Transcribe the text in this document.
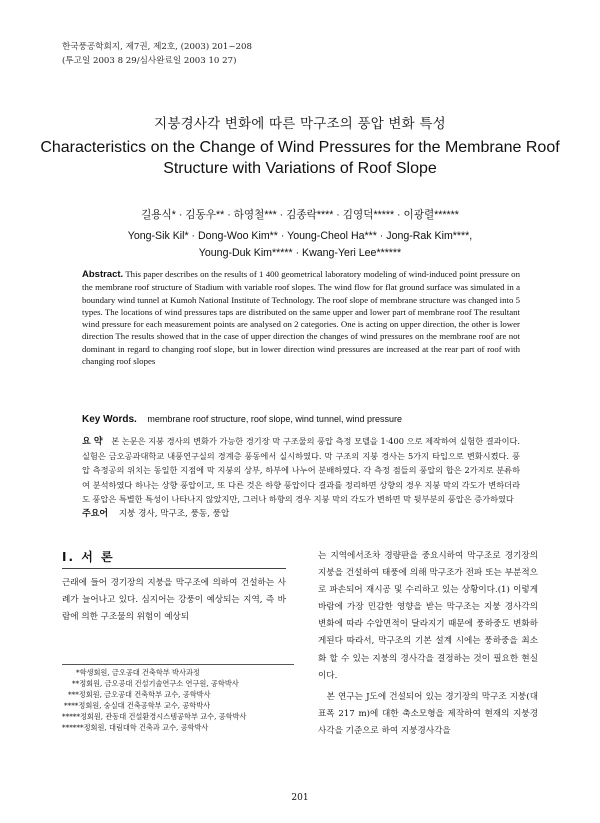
한국풍공학회지, 제7권, 제2호, (2003) 201~208
(투고일 2003 8 29/심사완료일 2003 10 27)
지붕경사각 변화에 따른 막구조의 풍압 변화 특성
Characteristics on the Change of Wind Pressures for the Membrane Roof Structure with Variations of Roof Slope
길용식* · 김동우** · 하영철*** · 김종락**** · 김영덕***** · 이광렬******
Yong-Sik Kil* · Dong-Woo Kim** · Young-Cheol Ha*** · Jong-Rak Kim****,
Young-Duk Kim***** · Kwang-Yeri Lee******
Abstract. This paper describes on the results of 1 400 geometrical laboratory modeling of wind-induced point pressure on the membrane roof structure of Stadium with variable roof slopes. The wind flow for flat ground surface was simulated in a boundary wind tunnel at Kumoh National Institute of Technology. The roof slope of membrane structure was changed into 5 types. The locations of wind pressures taps are distributed on the same upper and lower part of membrane roof The resultant wind pressure for each measurement points are analysed on 2 categories. One is acting on upper direction, the other is lower direction The results showed that in the case of upper direction the changes of wind pressures on the membrane roof are not dominant in regard to changing roof slope, but in lower direction wind pressures are increased at the rear part of roof with changing roof slopes
Key Words. membrane roof structure, roof slope, wind tunnel, wind pressure
요 약 본 논문은 지붕 경사의 변화가 가능한 경기장 막 구조물의 풍압 측정 모델을 1·400 으로 제작하여 실험한 결과이다. 실험은 금오공과대학교 내풍연구실의 경계층 풍동에서 실시하였다. 막 구조의 지붕 경사는 5가지 타입으로 변화시켰다. 풍압 측정공의 위치는 동일한 지점에 막 지붕의 상부, 하부에 나누어 분배하였다. 각 측정 점들의 풍압의 합은 2가지로 분류하여 분석하였다 하나는 상향 풍압이고, 또 다른 것은 하향 풍압이다 결과를 정리하면 상향의 경우 지붕 막의 각도가 변하더라도 풍압은 특별한 특성이 나타나지 않았지만, 그러나 하향의 경우 지붕 막의 각도가 변하면 막 뒷부분의 풍압은 증가하였다
주요어 지붕 경사, 막구조, 풍동, 풍압
I. 서 론
근래에 들어 경기장의 지붕을 막구조에 의하여 건설하는 사례가 늘어나고 있다. 심지어는 강풍이 예상되는 지역, 즉 바람에 의한 구조물의 위험이 예상되
*학생회원, 금오공대 건축학부 박사과정
**정회원, 금오공대 건설기술연구소 연구원, 공학박사
***정회원, 금오공대 건축학부 교수, 공학박사
****정회원, 숭실대 건축공학부 교수, 공학박사
*****정회원, 관동대 건설환경시스템공학부 교수, 공학박사
******정회원, 대림대학 건축과 교수, 공학박사

는 지역에서조차 경량판을 중요시하여 막구조로 경기장의 지붕을 건설하여 태풍에 의해 막구조가 전파 또는 부분적으로 파손되어 재시공 및 수리하고 있는 상황이다.(1) 이렇게 바람에 가장 민감한 영향을 받는 막구조는 지붕 경사각의 변화에 따라 수압면적이 달라지기 때문에 풍하중도 변화하게된다 따라서, 막구조의 기본 설계 시에는 풍하중을 최소화 할 수 있는 지붕의 경사각을 결정하는 것이 필요한 현실이다.

본 연구는 J도에 건설되어 있는 경기장의 막구조 지붕(대표폭 217 m)에 대한 축소모형을 제작하여 현재의 지붕경사각을 기준으로 하여 지붕경사각을

201
